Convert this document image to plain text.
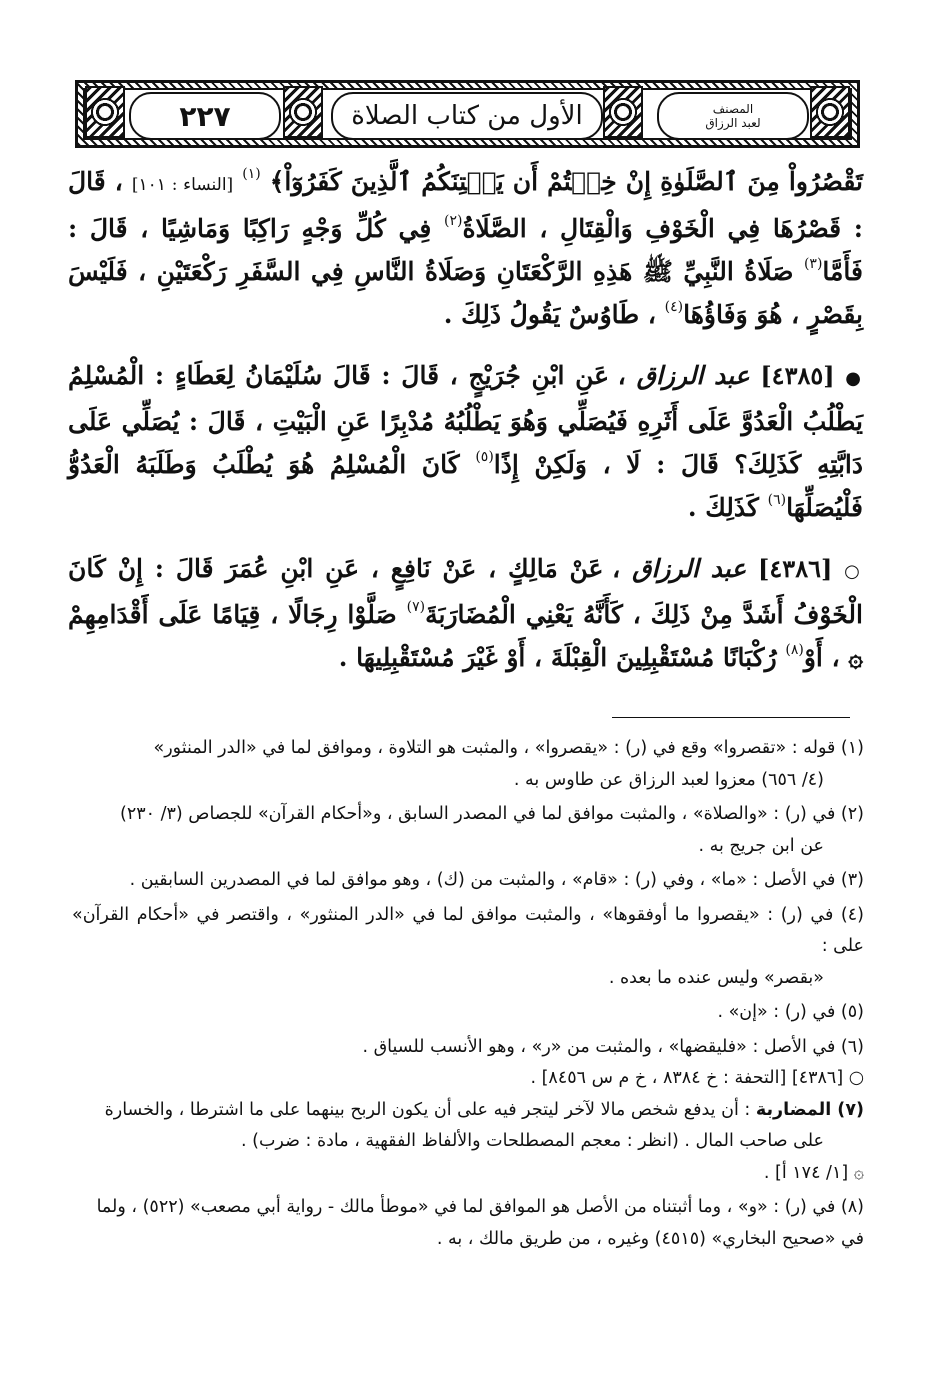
٢٢٧	الأول من كتاب الصلاة	المصنف
لعبد الرزاق

تَقْصُرُواْ مِنَ ٱلصَّلَوٰةِ إِنْ خِفۡتُمْ أَن يَفۡتِنَكُمُ ٱلَّذِينَ كَفَرُوٓاْ﴾ $^{(١)}$ [النساء : ١٠١] ، قَالَ : قَصْرُهَا فِي الْخَوْفِ وَالْقِتَالِ ، الصَّلَاةُ$^{(٢)}$ فِي كُلِّ وَجْهٍ رَاكِبًا وَمَاشِيًا ، قَالَ : فَأَمَّا$^{(٣)}$ صَلَاةُ النَّبِيِّ ﷺ هَذِهِ الرَّكْعَتَانِ وَصَلَاةُ النَّاسِ فِي السَّفَرِ رَكْعَتَيْنِ ، فَلَيْسَ بِقَصْرٍ ، هُوَ وَفَاؤُهَا$^{(٤)}$ ، طَاوُسٌ يَقُولُ ذَلِكَ .

● [٤٣٨٥] عبد الرزاق ، عَنِ ابْنِ جُرَيْجٍ ، قَالَ : قَالَ سُلَيْمَانُ لِعَطَاءٍ : الْمُسْلِمُ يَطْلُبُ الْعَدُوَّ عَلَى أَثَرِهِ فَيُصَلِّي وَهُوَ يَطْلُبُهُ مُدْبِرًا عَنِ الْبَيْتِ ، قَالَ : يُصَلِّي عَلَى دَابَّتِهِ كَذَلِكَ؟ قَالَ : لَا ، وَلَكِنْ إِذًا$^{(٥)}$ كَانَ الْمُسْلِمُ هُوَ يُطْلَبُ وَطَلَبَهُ الْعَدُوُّ فَلْيُصَلِّهَا$^{(٦)}$ كَذَلِكَ .

○ [٤٣٨٦] عبد الرزاق ، عَنْ مَالِكٍ ، عَنْ نَافِعٍ ، عَنِ ابْنِ عُمَرَ قَالَ : إِنْ كَانَ الْخَوْفُ أَشَدَّ مِنْ ذَلِكَ ، كَأَنَّهُ يَعْنِي الْمُضَارَبَةَ$^{(٧)}$ صَلَّوْا رِجَالًا ، قِيَامًا عَلَى أَقْدَامِهِمْ ۞ ، أَوْ$^{(٨)}$ رُكْبَانًا مُسْتَقْبِلِينَ الْقِبْلَةَ ، أَوْ غَيْرَ مُسْتَقْبِلِيهَا .

(١) قوله : «تقصروا» وقع في (ر) : «يقصروا» ، والمثبت هو التلاوة ، وموافق لما في «الدر المنثور»
(٤/ ٦٥٦) معزوا لعبد الرزاق عن طاوس به .
(٢) في (ر) : «والصلاة» ، والمثبت موافق لما في المصدر السابق ، و«أحكام القرآن» للجصاص (٣/ ٢٣٠)
عن ابن جريج به .
(٣) في الأصل : «ما» ، وفي (ر) : «قام» ، والمثبت من (ك) ، وهو موافق لما في المصدرين السابقين .
(٤) في (ر) : «يقصروا ما أوفقوها» ، والمثبت موافق لما في «الدر المنثور» ، واقتصر في «أحكام القرآن» على :
«بقصر» وليس عنده ما بعده .
(٥) في (ر) : «إن» .
(٦) في الأصل : «فليقضها» ، والمثبت من «ر» ، وهو الأنسب للسياق .
○ [٤٣٨٦] [التحفة : خ ٨٣٨٤ ، خ م س ٨٤٥٦] .
(٧) المضاربة : أن يدفع شخص مالا لآخر ليتجر فيه على أن يكون الربح بينهما على ما اشترطا ، والخسارة
على صاحب المال . (انظر : معجم المصطلحات والألفاظ الفقهية ، مادة : ضرب) .
۞ [١/ ١٧٤ أ] .
(٨) في (ر) : «و» ، وما أثبتناه من الأصل هو الموافق لما في «موطأ مالك - رواية أبي مصعب» (٥٢٢) ، ولما
في «صحيح البخاري» (٤٥١٥) وغيره ، من طريق مالك ، به .
